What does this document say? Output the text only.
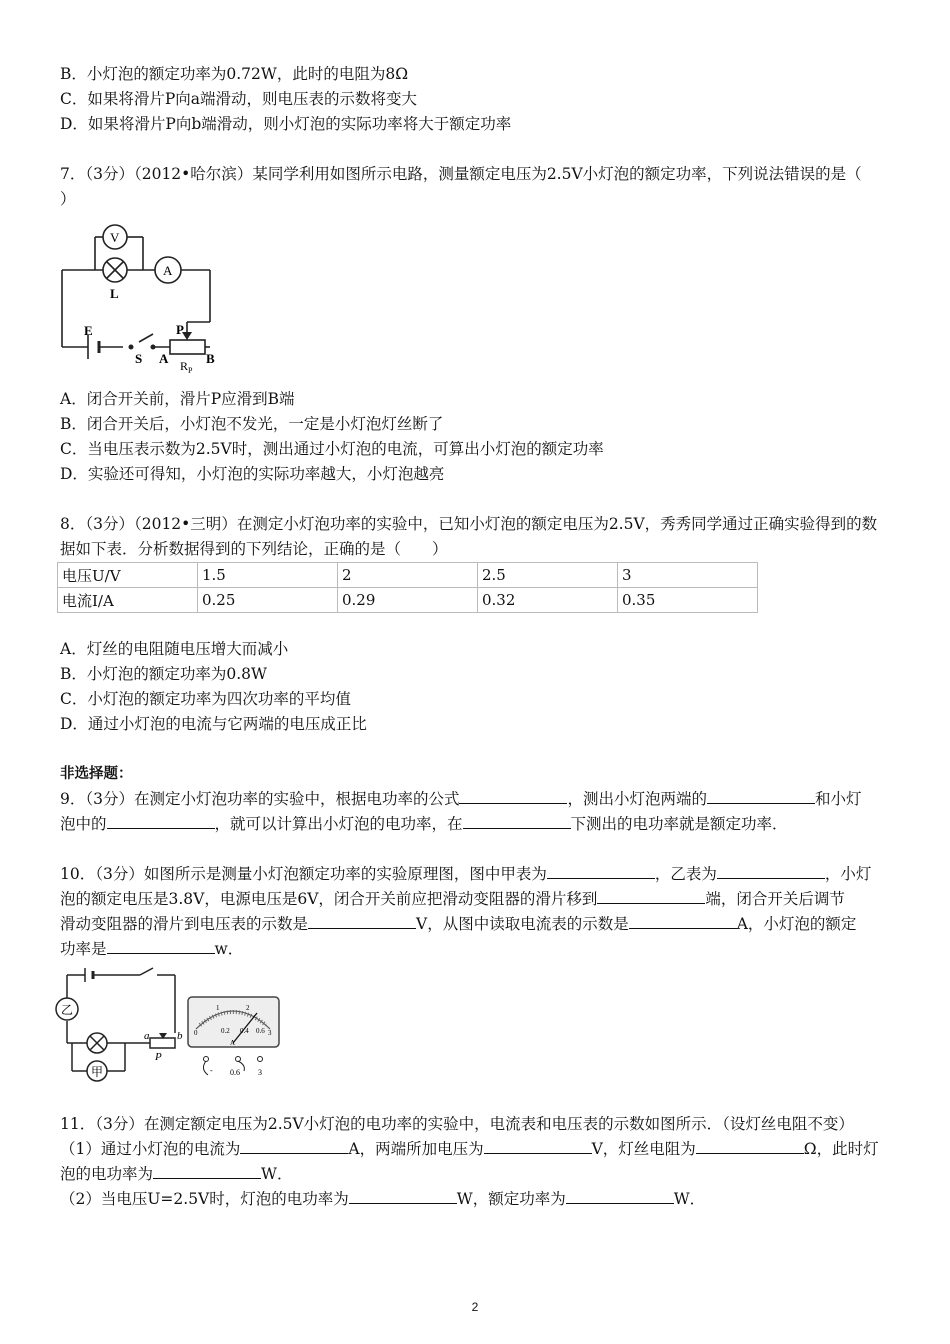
B．小灯泡的额定功率为0.72W，此时的电阻为8Ω
C．如果将滑片P向a端滑动，则电压表的示数将变大
D．如果将滑片P向b端滑动，则小灯泡的实际功率将大于额定功率
7．（3分）（2012•哈尔滨）某同学利用如图所示电路，测量额定电压为2.5V小灯泡的额定功率，下列说法错误的是（
）
V
A
L
E
S
P
A	B
$R_P$
A．闭合开关前，滑片P应滑到B端
B．闭合开关后，小灯泡不发光，一定是小灯泡灯丝断了
C．当电压表示数为2.5V时，测出通过小灯泡的电流，可算出小灯泡的额定功率
D．实验还可得知，小灯泡的实际功率越大，小灯泡越亮
8．（3分）（2012•三明）在测定小灯泡功率的实验中，已知小灯泡的额定电压为2.5V，秀秀同学通过正确实验得到的数
据如下表．分析数据得到的下列结论，正确的是（　　）
电压U/V	1.5	2	2.5	3
电流I/A	0.25	0.29	0.32	0.35
A．灯丝的电阻随电压增大而减小
B．小灯泡的额定功率为0.8W
C．小灯泡的额定功率为四次功率的平均值
D．通过小灯泡的电流与它两端的电压成正比
非选择题：
9．（3分）在测定小灯泡功率的实验中，根据电功率的公式	，测出小灯泡两端的	和小灯
泡中的	，就可以计算出小灯泡的电功率，在	下测出的电功率就是额定功率．
10．（3分）如图所示是测量小灯泡额定功率的实验原理图，图中甲表为	，乙表为	，小灯
泡的额定电压是3.8V，电源电压是6V，闭合开关前应把滑动变阻器的滑片移到	端，闭合开关后调节
滑动变阻器的滑片到电压表的示数是	V，从图中读取电流表的示数是	A，小灯泡的额定
功率是	w．
乙
甲
a	b
P
0
1	2
3
0.2 0.4 0.6
A
- 0.6 3
11．（3分）在测定额定电压为2.5V小灯泡的电功率的实验中，电流表和电压表的示数如图所示．（设灯丝电阻不变）
（1）通过小灯泡的电流为	A，两端所加电压为	V，灯丝电阻为	Ω，此时灯
泡的电功率为	W．
（2）当电压U=2.5V时，灯泡的电功率为	W，额定功率为	W．
2
